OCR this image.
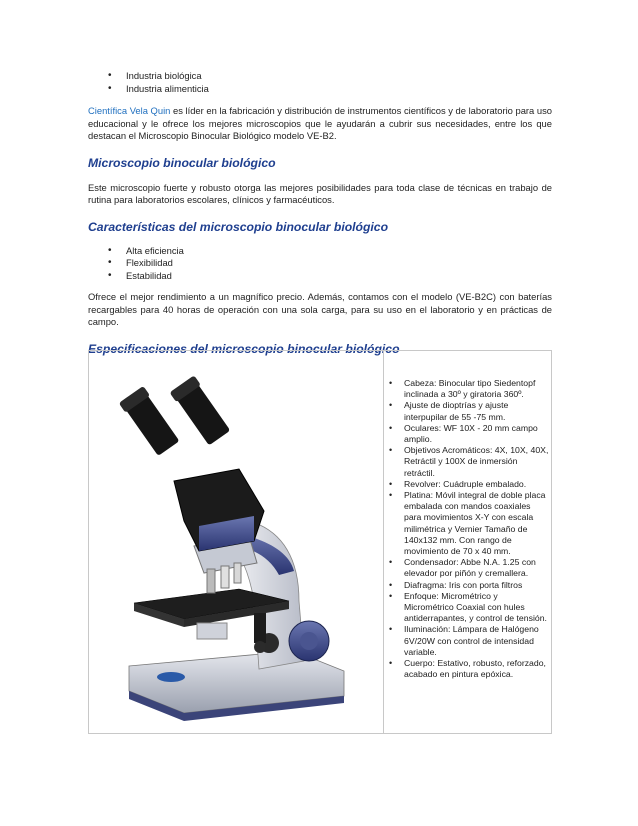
• Industria biológica
• Industria alimenticia

Científica Vela Quin es líder en la fabricación y distribución de instrumentos científicos y de laboratorio para uso educacional y le ofrece los mejores microscopios que le ayudarán a cubrir sus necesidades, entre los que destacan el Microscopio Binocular Biológico modelo VE-B2.

Microscopio binocular biológico

Este microscopio fuerte y robusto otorga las mejores posibilidades para toda clase de técnicas en trabajo de rutina para laboratorios escolares, clínicos y farmacéuticos.

Características del microscopio binocular biológico
• Alta eficiencia
• Flexibilidad
• Estabilidad

Ofrece el mejor rendimiento a un magnífico precio. Además, contamos con el modelo (VE-B2C) con baterías recargables para 40 horas de operación con una sola carga, para su uso en el laboratorio y en prácticas de campo.

Especificaciones del microscopio binocular biológico
• Cabeza: Binocular tipo Siedentopf inclinada a 30º y giratoria 360º.
• Ajuste de dioptrías y ajuste interpupilar de 55 -75 mm.
• Oculares: WF 10X - 20 mm campo amplio.
• Objetivos Acromáticos: 4X, 10X, 40X, Retráctil y 100X de inmersión retráctil.
• Revolver: Cuádruple embalado.
• Platina: Móvil integral de doble placa embalada con mandos coaxiales para movimientos X-Y con escala milimétrica y Vernier Tamaño de 140x132 mm. Con rango de movimiento de 70 x 40 mm.
• Condensador: Abbe N.A. 1.25 con elevador por piñón y cremallera.
• Diafragma: Iris con porta filtros
• Enfoque: Micrométrico y Micrométrico Coaxial con hules antiderrapantes, y control de tensión.
• Iluminación: Lámpara de Halógeno 6V/20W con control de intensidad variable.
• Cuerpo: Estativo, robusto, reforzado, acabado en pintura epóxica.
